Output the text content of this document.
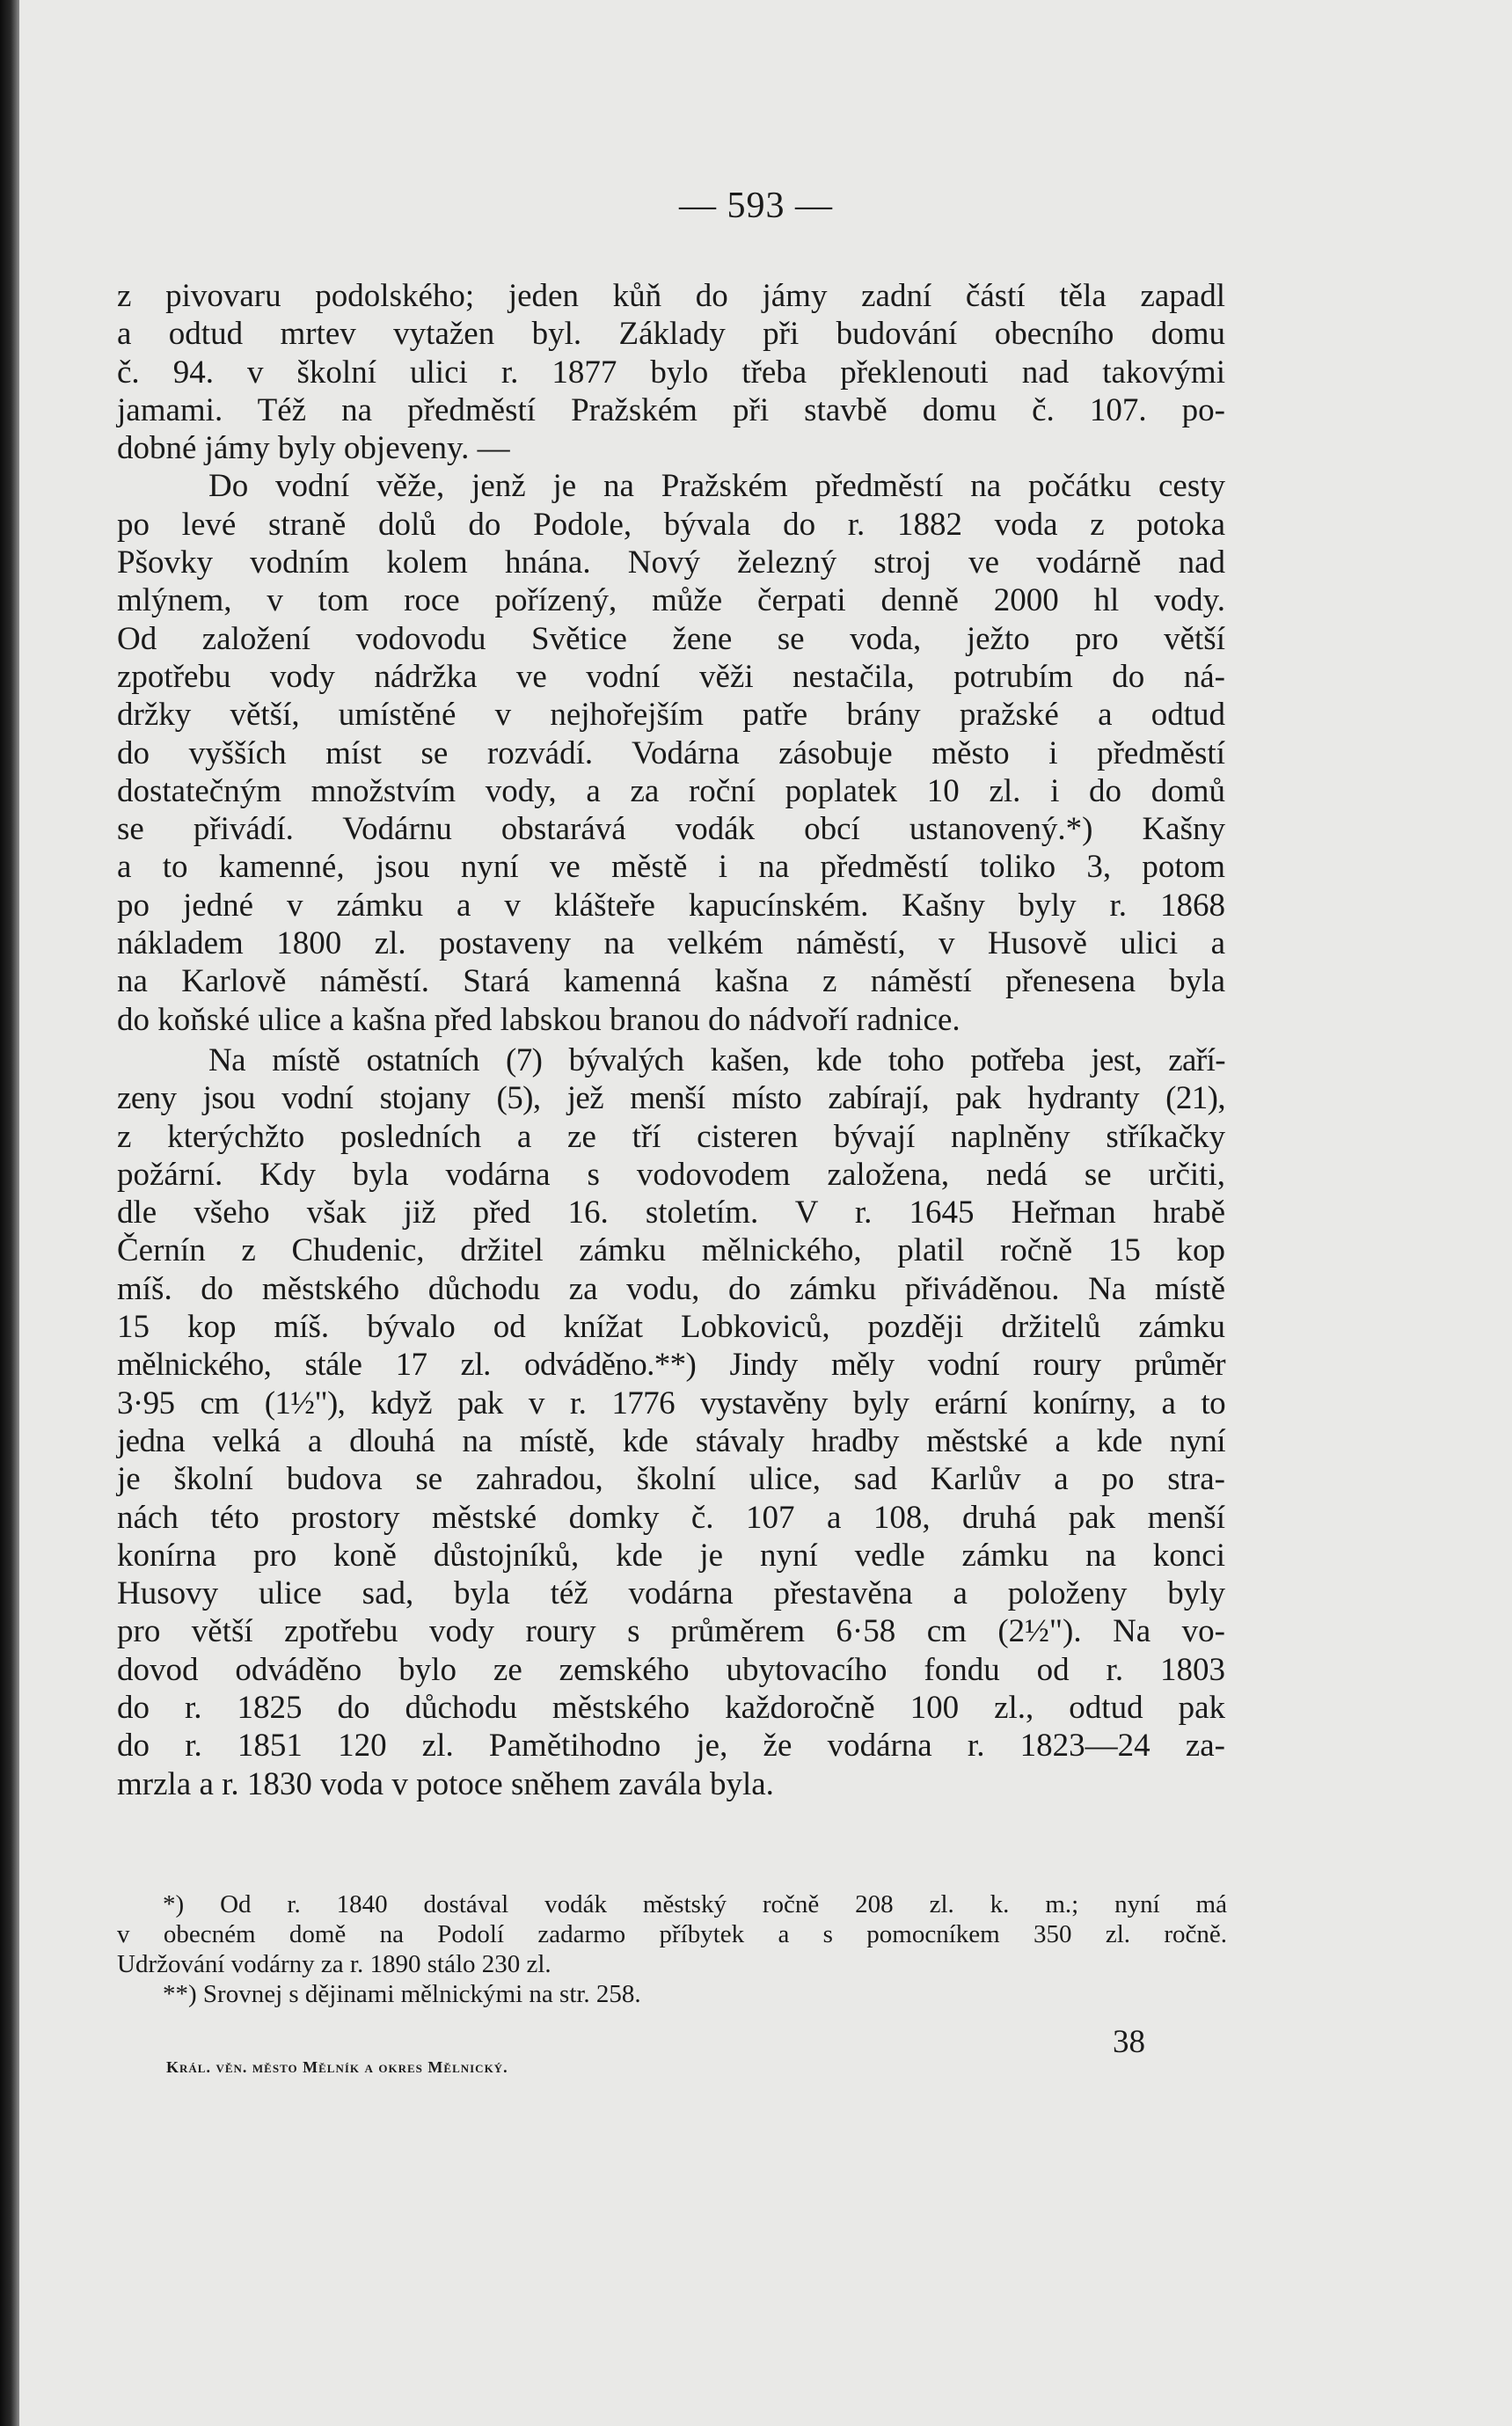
— 593 —
z pivovaru podolského; jeden kůň do jámy zadní částí těla zapadl
a odtud mrtev vytažen byl. Základy při budování obecního domu
č. 94. v školní ulici r. 1877 bylo třeba překlenouti nad takovými
jamami. Též na předměstí Pražském při stavbě domu č. 107. po-
dobné jámy byly objeveny. —
Do vodní věže, jenž je na Pražském předměstí na počátku cesty
po levé straně dolů do Podole, bývala do r. 1882 voda z potoka
Pšovky vodním kolem hnána. Nový železný stroj ve vodárně nad
mlýnem, v tom roce pořízený, může čerpati denně 2000 hl vody.
Od založení vodovodu Světice žene se voda, ježto pro větší
zpotřebu vody nádržka ve vodní věži nestačila, potrubím do ná-
držky větší, umístěné v nejhořejším patře brány pražské a odtud
do vyšších míst se rozvádí. Vodárna zásobuje město i předměstí
dostatečným množstvím vody, a za roční poplatek 10 zl. i do domů
se přivádí. Vodárnu obstarává vodák obcí ustanovený.*) Kašny
a to kamenné, jsou nyní ve městě i na předměstí toliko 3, potom
po jedné v zámku a v klášteře kapucínském. Kašny byly r. 1868
nákladem 1800 zl. postaveny na velkém náměstí, v Husově ulici a
na Karlově náměstí. Stará kamenná kašna z náměstí přenesena byla
do koňské ulice a kašna před labskou branou do nádvoří radnice.
Na místě ostatních (7) bývalých kašen, kde toho potřeba jest, zaří-
zeny jsou vodní stojany (5), jež menší místo zabírají, pak hydranty (21),
z kterýchžto posledních a ze tří cisteren bývají naplněny stříkačky
požární. Kdy byla vodárna s vodovodem založena, nedá se určiti,
dle všeho však již před 16. stoletím. V r. 1645 Heřman hrabě
Černín z Chudenic, držitel zámku mělnického, platil ročně 15 kop
míš. do městského důchodu za vodu, do zámku přiváděnou. Na místě
15 kop míš. bývalo od knížat Lobkoviců, později držitelů zámku
mělnického, stále 17 zl. odváděno.**) Jindy měly vodní roury průměr
3·95 cm (1½"), když pak v r. 1776 vystavěny byly erární konírny, a to
jedna velká a dlouhá na místě, kde stávaly hradby městské a kde nyní
je školní budova se zahradou, školní ulice, sad Karlův a po stra-
nách této prostory městské domky č. 107 a 108, druhá pak menší
konírna pro koně důstojníků, kde je nyní vedle zámku na konci
Husovy ulice sad, byla též vodárna přestavěna a položeny byly
pro větší zpotřebu vody roury s průměrem 6·58 cm (2½"). Na vo-
dovod odváděno bylo ze zemského ubytovacího fondu od r. 1803
do r. 1825 do důchodu městského každoročně 100 zl., odtud pak
do r. 1851 120 zl. Pamětihodno je, že vodárna r. 1823—24 za-
mrzla a r. 1830 voda v potoce sněhem zavála byla.
*) Od r. 1840 dostával vodák městský ročně 208 zl. k. m.; nyní má
v obecném domě na Podolí zadarmo příbytek a s pomocníkem 350 zl. ročně.
Udržování vodárny za r. 1890 stálo 230 zl.
**) Srovnej s dějinami mělnickými na str. 258.
38
Král. věn. město Mělník a okres Mělnický.
